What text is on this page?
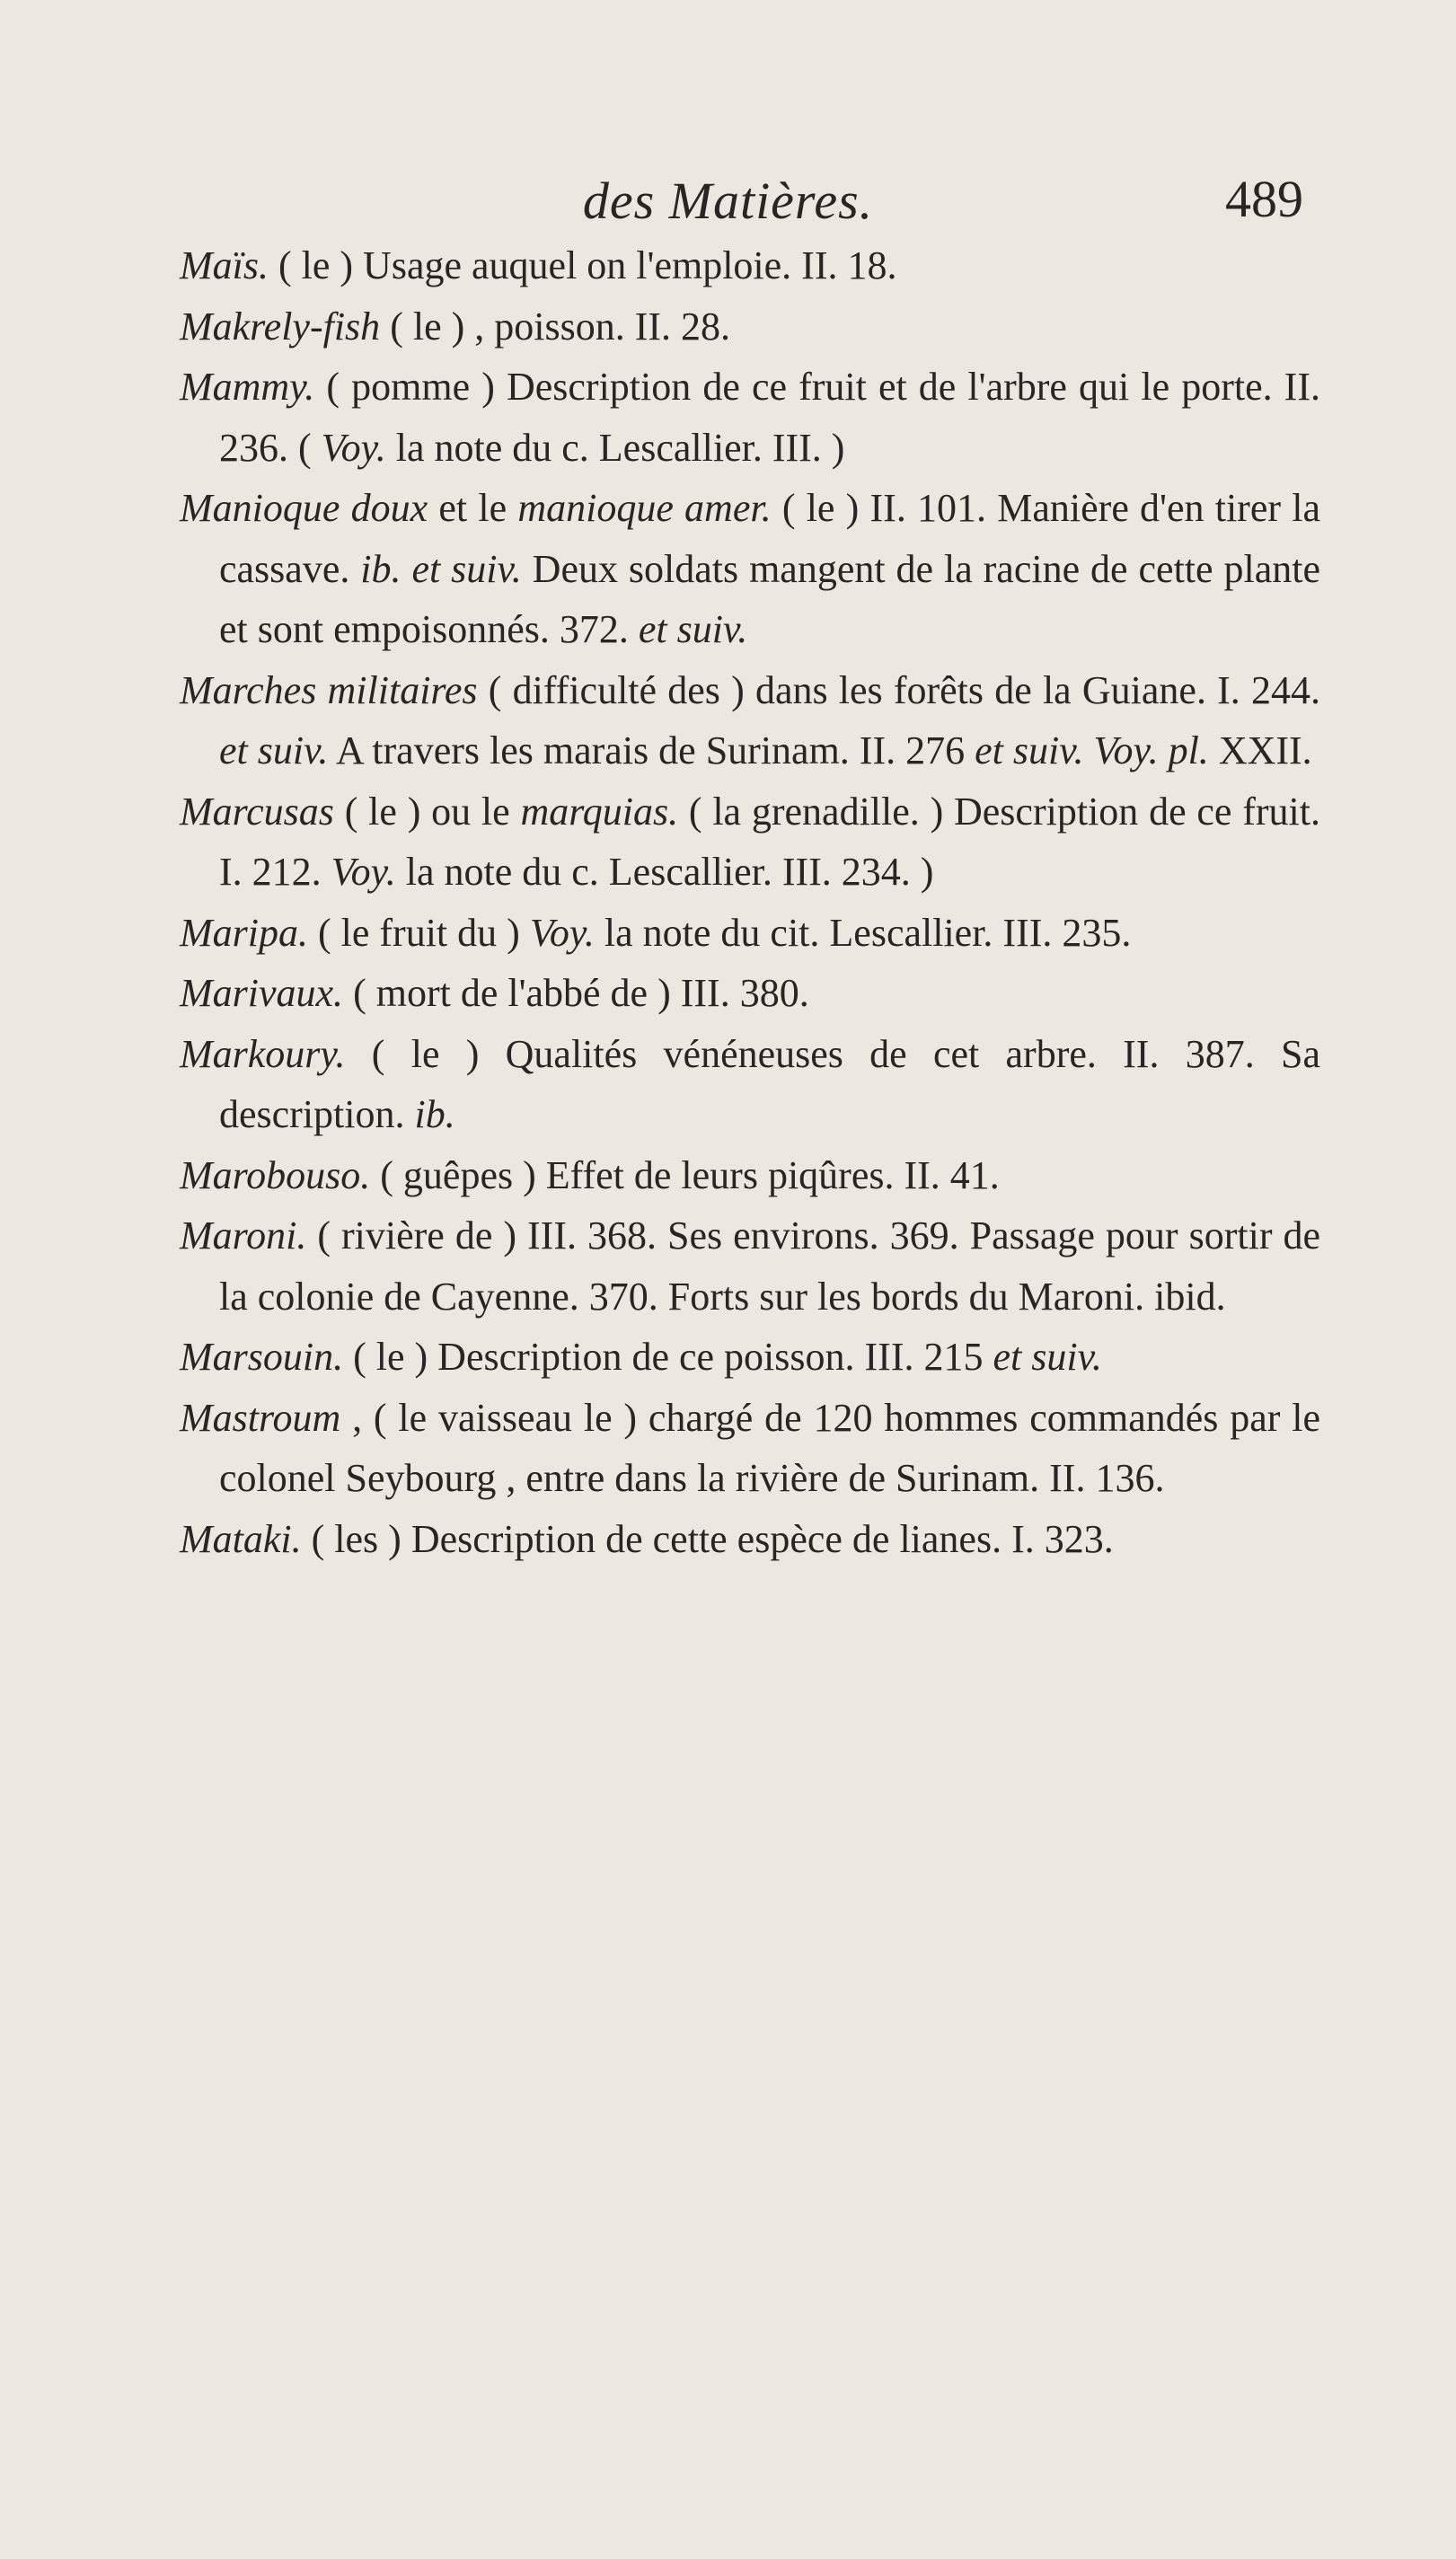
des Matières.	489
Maïs. ( le ) Usage auquel on l'emploie. II. 18.
Makrely-fish ( le ) , poisson. II. 28.
Mammy. ( pomme ) Description de ce fruit et de l'arbre qui le porte. II. 236. ( Voy. la note du c. Lescallier. III. )
Manioque doux et le manioque amer. ( le ) II. 101. Manière d'en tirer la cassave. ib. et suiv. Deux soldats mangent de la racine de cette plante et sont empoisonnés. 372. et suiv.
Marches militaires ( difficulté des ) dans les forêts de la Guiane. I. 244. et suiv. A travers les marais de Surinam. II. 276 et suiv. Voy. pl. XXII.
Marcusas ( le ) ou le marquias. ( la grenadille. ) Description de ce fruit. I. 212. Voy. la note du c. Lescallier. III. 234. )
Maripa. ( le fruit du ) Voy. la note du cit. Lescallier. III. 235.
Marivaux. ( mort de l'abbé de ) III. 380.
Markoury. ( le ) Qualités vénéneuses de cet arbre. II. 387. Sa description. ib.
Marobouso. ( guêpes ) Effet de leurs piqûres. II. 41.
Maroni. ( rivière de ) III. 368. Ses environs. 369. Passage pour sortir de la colonie de Cayenne. 370. Forts sur les bords du Maroni. ibid.
Marsouin. ( le ) Description de ce poisson. III. 215 et suiv.
Mastroum , ( le vaisseau le ) chargé de 120 hommes commandés par le colonel Seybourg , entre dans la rivière de Surinam. II. 136.
Mataki. ( les ) Description de cette espèce de lianes. I. 323.
